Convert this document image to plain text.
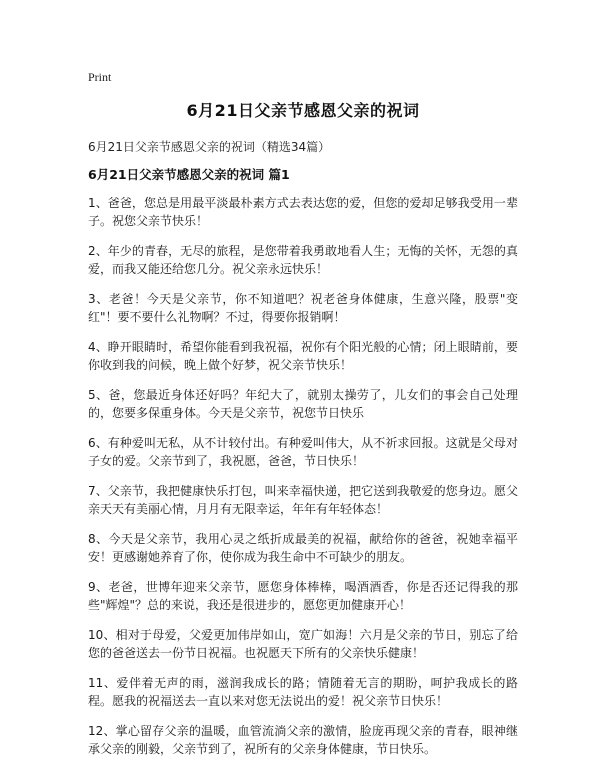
Print
6月21日父亲节感恩父亲的祝词
6月21日父亲节感恩父亲的祝词（精选34篇）
6月21日父亲节感恩父亲的祝词 篇1

1、爸爸，您总是用最平淡最朴素方式去表达您的爱，但您的爱却足够我受用一辈子。祝您父亲节快乐！

2、年少的青春，无尽的旅程，是您带着我勇敢地看人生；无悔的关怀，无怨的真爱，而我又能还给您几分。祝父亲永远快乐！

3、老爸！今天是父亲节，你不知道吧？祝老爸身体健康，生意兴隆，股票"变红"！要不要什么礼物啊？不过，得要你报销啊！

4、睁开眼睛时，希望你能看到我祝福，祝你有个阳光般的心情；闭上眼睛前，要你收到我的问候，晚上做个好梦，祝父亲节快乐！

5、爸，您最近身体还好吗？年纪大了，就别太操劳了，儿女们的事会自己处理的，您要多保重身体。今天是父亲节，祝您节日快乐

6、有种爱叫无私，从不计较付出。有种爱叫伟大，从不祈求回报。这就是父母对子女的爱。父亲节到了，我祝愿，爸爸，节日快乐！

7、父亲节，我把健康快乐打包，叫来幸福快递，把它送到我敬爱的您身边。愿父亲天天有美丽心情，月月有无限幸运，年年有年轻体态！

8、今天是父亲节，我用心灵之纸折成最美的祝福，献给你的爸爸，祝她幸福平安！更感谢她养育了你，使你成为我生命中不可缺少的朋友。

9、老爸，世博年迎来父亲节，愿您身体棒棒，喝酒酒香，你是否还记得我的那些"辉煌"？总的来说，我还是很进步的，愿您更加健康开心！

10、相对于母爱，父爱更加伟岸如山，宽广如海！六月是父亲的节日，别忘了给您的爸爸送去一份节日祝福。也祝愿天下所有的父亲快乐健康！

11、爱伴着无声的雨，滋润我成长的路；情随着无言的期盼，呵护我成长的路程。愿我的祝福送去一直以来对您无法说出的爱！祝父亲节日快乐！

12、掌心留存父亲的温暖，血管流淌父亲的激情，脸庞再现父亲的青春，眼神继承父亲的刚毅，父亲节到了，祝所有的父亲身体健康，节日快乐。
